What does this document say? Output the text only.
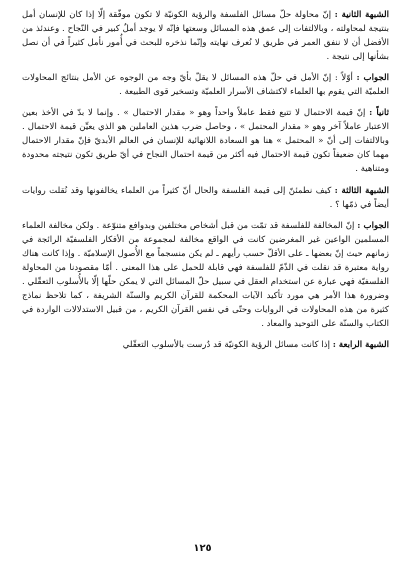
الشبهة الثانية : إنّ محاولة حلّ مسائل الفلسفة والرؤية الكونيّة لا تكون موفّقة إلّا إذا كان للإنسان أمل بنتيجة لمحاولته ، وبالالتفات إلى عمق هذه المسائل وسعتها فإنّه لا يوجد أملٌ كبير في النّجاح . وعندئذ من الأفضل أن لا ننفق العمر في طريق لا نُعرف نهايته وإنّما نذخره للبحث في أُمور نأمل كثيراً في أن نصل بشأنها إلى نتيجة .

الجواب : أوّلاً : إنّ الأمل في حلّ هذه المسائل لا يقلّ بأيّ وجه من الوجوه عن الأمل بنتائج المحاولات العلميّة التي يقوم بها العلماء لاكتشاف الأسرار العلميّة وتسخير قوى الطبيعة .

ثانياً : إنّ قيمة الاحتمال لا تتبع فقط عاملاً واحداً وهو « مقدار الاحتمال » . وإنما لا بدّ في الأخذ بعين الاعتبار عاملاً آخر وهو « مقدار المحتمل » ، وحاصل ضرب هذين العاملين هو الذي يعيِّن قيمة الاحتمال . وبالالتفات إلى أنّ « المحتمل » هنا هو السعادة اللانهائية للإنسان في العالم الأبديّ فإنّ مقدار الاحتمال مهما كان ضعيفاً تكون قيمة الاحتمال فيه أكثر من قيمة احتمال النجاح في أيّ طريق تكون نتيجته محدودة ومتناهية .

الشبهة الثالثة : كيف نطمئنّ إلى قيمة الفلسفة والحال أنّ كثيراً من العلماء يخالفونها وقد نُقلت روايات أيضاً في ذمّها ؟ .

الجواب : إنّ المخالفة للفلسفة قد تمّت من قبل أشخاص مختلفين وبدوافع متنوّعة . ولكن مخالفة العلماء المسلمين الواعين غير المغرضين كانت في الواقع مخالفة لمجموعة من الأفكار الفلسفيّة الرائجة في زمانهم حيث إنّ بعضها ـ على الأقلّ حسب رأيهم ـ لم يكن منسجماً مع الأُصول الإسلاميّة . وإذا كانت هناك رواية معتبرة قد نقلت في الذّمّ للفلسفة فهي قابلة للحمل على هذا المعنى . أمّا مقصودنا من المحاولة الفلسفيّة فهي عبارة عن استخدام العقل في سبيل حلّ المسائل التي لا يمكن حلّها إلّا بالأُسلوب التعقّلي . وضرورة هذا الأمر هي مورد تأكيد الآيات المحكمة للقرآن الكريم والسنّة الشريفة ، كما تلاحظ نماذج كثيرة من هذه المحاولات في الروايات وحتّى في نفس القرآن الكريم ، من قبيل الاستدلالات الواردة في الكتاب والسنّة على التوحيد والمعاد .

الشبهة الرابعة : إذا كانت مسائل الرؤية الكونيّة قد دُرست بالأسلوب التعقّلي

١٢٥
